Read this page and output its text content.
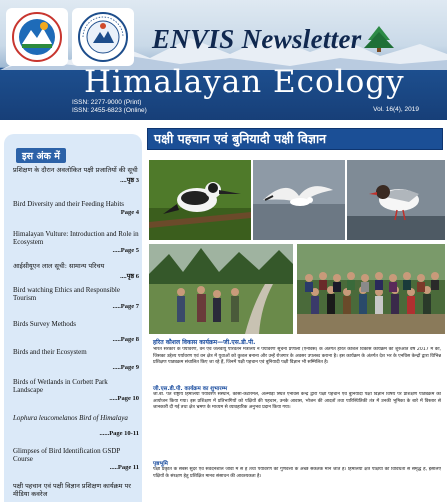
ENVIS Newsletter
Himalayan Ecology
ISSN: 2277-9000 (Print)
ISSN: 2455-6823 (Online)	Vol. 16(4), 2019
इस अंक में
प्रशिक्षण के दौरान अवलोकित पक्षी प्रजातियों की सूची
....पृष्ठ 3
Bird Diversity and their Feeding Habits
Page 4
Himalayan Vulture: Introduction and Role in Ecosystem
.....Page 5
आईसीयूएन लाल सूची: सामान्य परिचय
....पृष्ठ 6
Bird watching Ethics and Responsible Tourism
.....Page 7
Birds Survey Methods
.....Page 8
Birds and their Ecosystem
.....Page 9
Birds of Wetlands in Corbett Park Landscape
.....Page 10
Lophura leucomelanos Bird of Himalaya
......Page 10-11
Glimpses of Bird Identification GSDP Course
.....Page 11
पक्षी पहचान एवं पक्षी विज्ञान प्रशिक्षण कार्यक्रम पर मीडिया कवरेज
पक्षी पहचान एवं बुनियादी पक्षी विज्ञान
हरित कौशल विकास कार्यक्रम—जी.एस.डी.पी.
भारत सरकार के पर्यावरण, वन एवं जलवायु परिवर्तन मंत्रालय ने पर्यावरण सूचना प्रणाली (एनविस) के अंतर्गत हरित कौशल विकास कार्यक्रम की शुरुआत वर्ष 2017 में की, जिसका उद्देश्य पर्यावरण एवं वन क्षेत्र में युवाओं को कुशल बनाना और उन्हें रोजगार के अवसर उपलब्ध कराना है। इस कार्यक्रम के अंतर्गत देश भर के एनविस केन्द्रों द्वारा विभिन्न प्रशिक्षण पाठ्यक्रम संचालित किए जा रहे हैं, जिनमें पक्षी पहचान एवं बुनियादी पक्षी विज्ञान भी सम्मिलित है।
जी.एस.डी.पी. कार्यक्रम का शुभारम्भ
जी.बी. पंत राष्ट्रीय हिमालयी पर्यावरण संस्थान, कोसी-कटारमल, अल्मोड़ा स्थित एनविस केन्द्र द्वारा पक्षी पहचान एवं बुनियादी पक्षी विज्ञान विषय पर प्रशिक्षण पाठ्यक्रम का आयोजन किया गया। इस प्रशिक्षण में प्रतिभागियों को पक्षियों की पहचान, उनके आवास, भोजन की आदतों तथा पारिस्थितिकी तंत्र में उनकी भूमिका के बारे में विस्तार से जानकारी दी गई तथा क्षेत्र भ्रमण के माध्यम से व्यावहारिक अनुभव प्रदान किया गया।
पृष्ठभूमि
पक्षी प्रकृति के सबसे सुंदर एवं संवेदनशील जीवों में से हैं तथा पर्यावरण की गुणवत्ता के अच्छे संकेतक माने जाते हैं। हिमालयी क्षेत्र पक्षियों की विविधता से समृद्ध है, इसलिए पक्षियों के संरक्षण हेतु प्रशिक्षित मानव संसाधन की आवश्यकता है।
